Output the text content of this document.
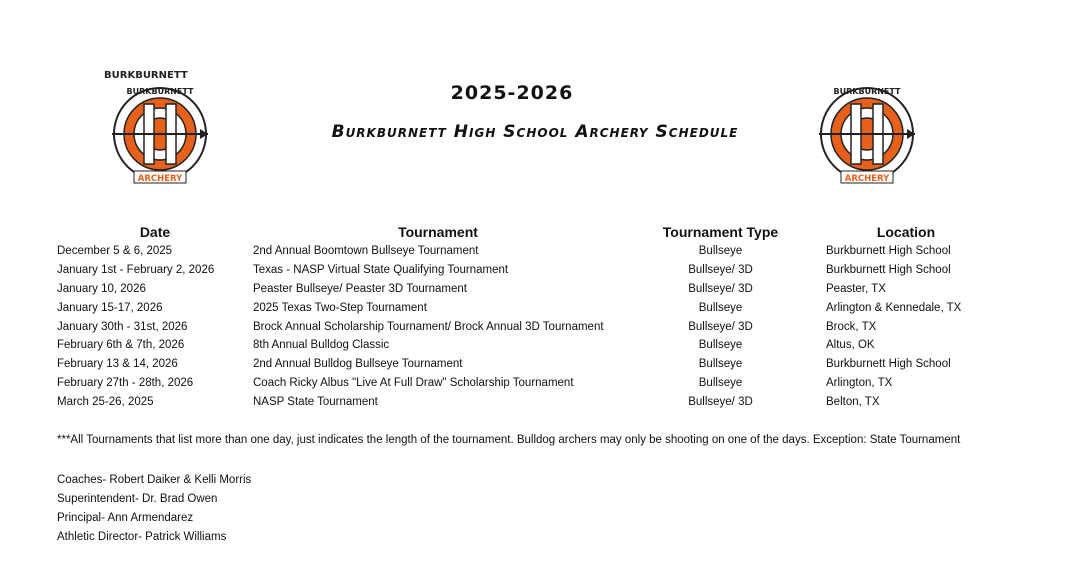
BURKBURNETT
ARCHERY
BURKBURNETT
ARCHERY
BURKBURNETT
2025-2026
Burkburnett High School Archery Schedule
Date	Tournament	Tournament Type	Location
December 5 & 6, 2025	2nd Annual Boomtown Bullseye Tournament	Bullseye	Burkburnett High School
January 1st - February 2, 2026	Texas - NASP Virtual State Qualifying Tournament	Bullseye/ 3D	Burkburnett High School
January 10, 2026	Peaster Bullseye/ Peaster 3D Tournament	Bullseye/ 3D	Peaster, TX
January 15-17, 2026	2025 Texas Two-Step Tournament	Bullseye	Arlington & Kennedale, TX
January 30th - 31st, 2026	Brock Annual Scholarship Tournament/ Brock Annual 3D Tournament	Bullseye/ 3D	Brock, TX
February 6th & 7th, 2026	8th Annual Bulldog Classic	Bullseye	Altus, OK
February 13 & 14, 2026	2nd Annual Bulldog Bullseye Tournament	Bullseye	Burkburnett High School
February 27th - 28th, 2026	Coach Ricky Albus "Live At Full Draw" Scholarship Tournament	Bullseye	Arlington, TX
March 25-26, 2025	NASP State Tournament	Bullseye/ 3D	Belton, TX
***All Tournaments that list more than one day, just indicates the length of the tournament. Bulldog archers may only be shooting on one of the days. Exception: State Tournament
Coaches- Robert Daiker & Kelli Morris
Superintendent- Dr. Brad Owen
Principal- Ann Armendarez
Athletic Director- Patrick Williams
